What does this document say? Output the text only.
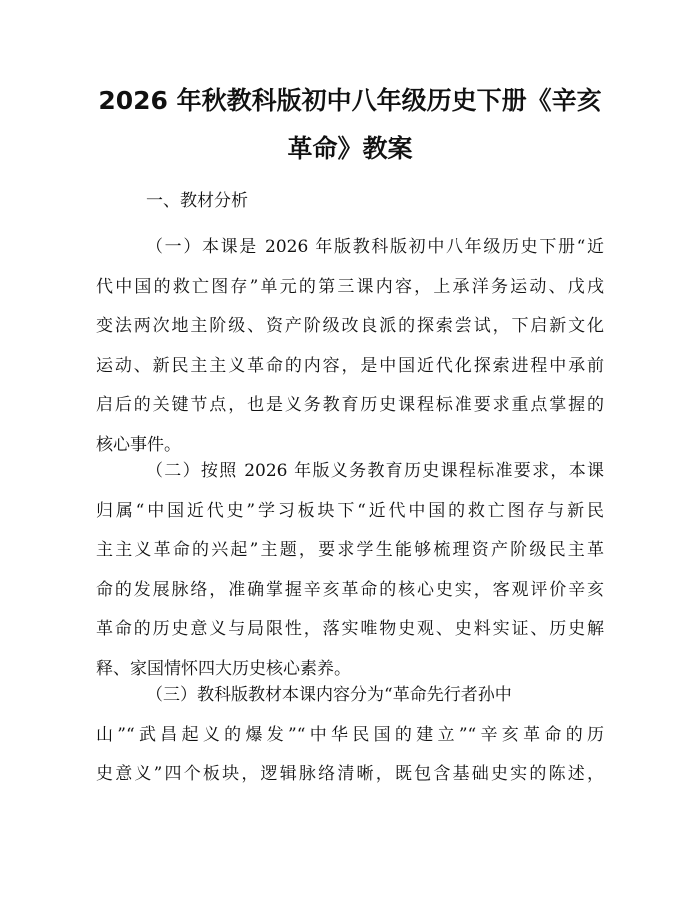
2026 年秋教科版初中八年级历史下册《辛亥
革命》教案
一、教材分析
（一）本课是 2026 年版教科版初中八年级历史下册“近
代中国的救亡图存”单元的第三课内容，上承洋务运动、戊戌
变法两次地主阶级、资产阶级改良派的探索尝试，下启新文化
运动、新民主主义革命的内容，是中国近代化探索进程中承前
启后的关键节点，也是义务教育历史课程标准要求重点掌握的
核心事件。
（二）按照 2026 年版义务教育历史课程标准要求，本课
归属“中国近代史”学习板块下“近代中国的救亡图存与新民
主主义革命的兴起”主题，要求学生能够梳理资产阶级民主革
命的发展脉络，准确掌握辛亥革命的核心史实，客观评价辛亥
革命的历史意义与局限性，落实唯物史观、史料实证、历史解
释、家国情怀四大历史核心素养。
（三）教科版教材本课内容分为“革命先行者孙中
山”“武昌起义的爆发”“中华民国的建立”“辛亥革命的历
史意义”四个板块，逻辑脉络清晰，既包含基础史实的陈述，
